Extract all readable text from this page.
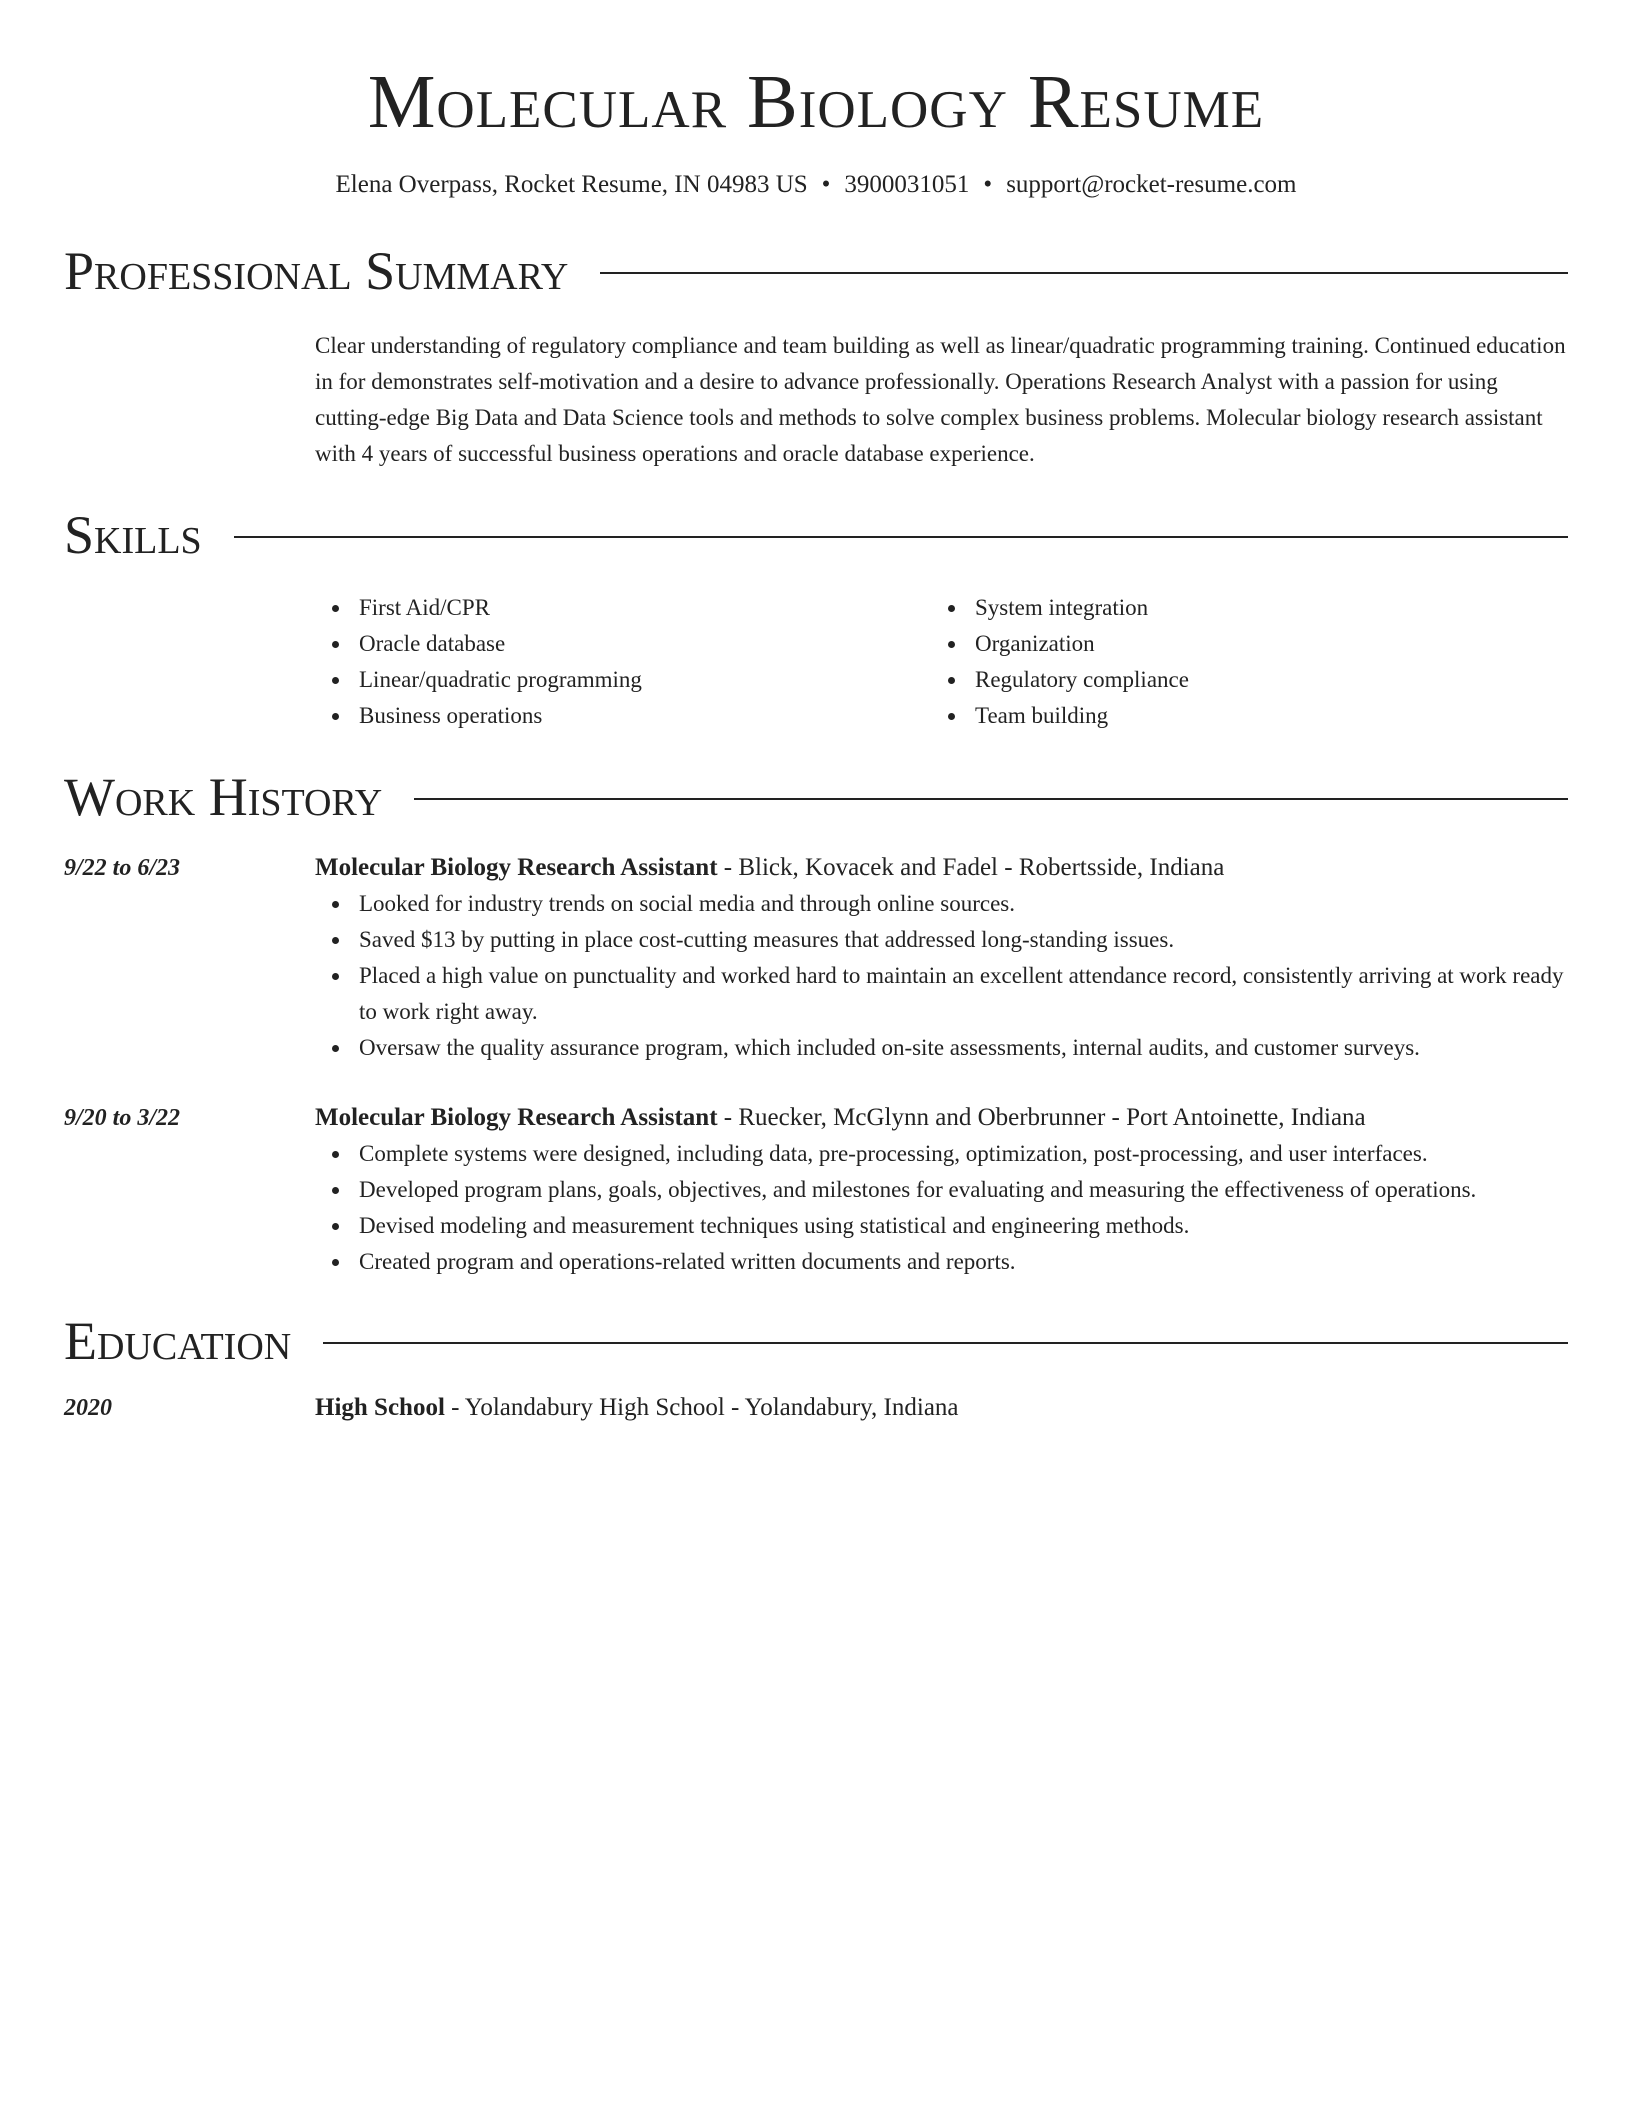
Molecular Biology Resume
Elena Overpass, Rocket Resume, IN 04983 US • 3900031051 • support@rocket-resume.com
Professional Summary
Clear understanding of regulatory compliance and team building as well as linear/quadratic programming training. Continued education in for demonstrates self-motivation and a desire to advance professionally. Operations Research Analyst with a passion for using cutting-edge Big Data and Data Science tools and methods to solve complex business problems. Molecular biology research assistant with 4 years of successful business operations and oracle database experience.
Skills
First Aid/CPR
Oracle database
Linear/quadratic programming
Business operations
System integration
Organization
Regulatory compliance
Team building
Work History
9/22 to 6/23	Molecular Biology Research Assistant - Blick, Kovacek and Fadel - Robertsside, Indiana
Looked for industry trends on social media and through online sources.
Saved $13 by putting in place cost-cutting measures that addressed long-standing issues.
Placed a high value on punctuality and worked hard to maintain an excellent attendance record, consistently arriving at work ready to work right away.
Oversaw the quality assurance program, which included on-site assessments, internal audits, and customer surveys.
9/20 to 3/22	Molecular Biology Research Assistant - Ruecker, McGlynn and Oberbrunner - Port Antoinette, Indiana
Complete systems were designed, including data, pre-processing, optimization, post-processing, and user interfaces.
Developed program plans, goals, objectives, and milestones for evaluating and measuring the effectiveness of operations.
Devised modeling and measurement techniques using statistical and engineering methods.
Created program and operations-related written documents and reports.
Education
2020	High School - Yolandabury High School - Yolandabury, Indiana
